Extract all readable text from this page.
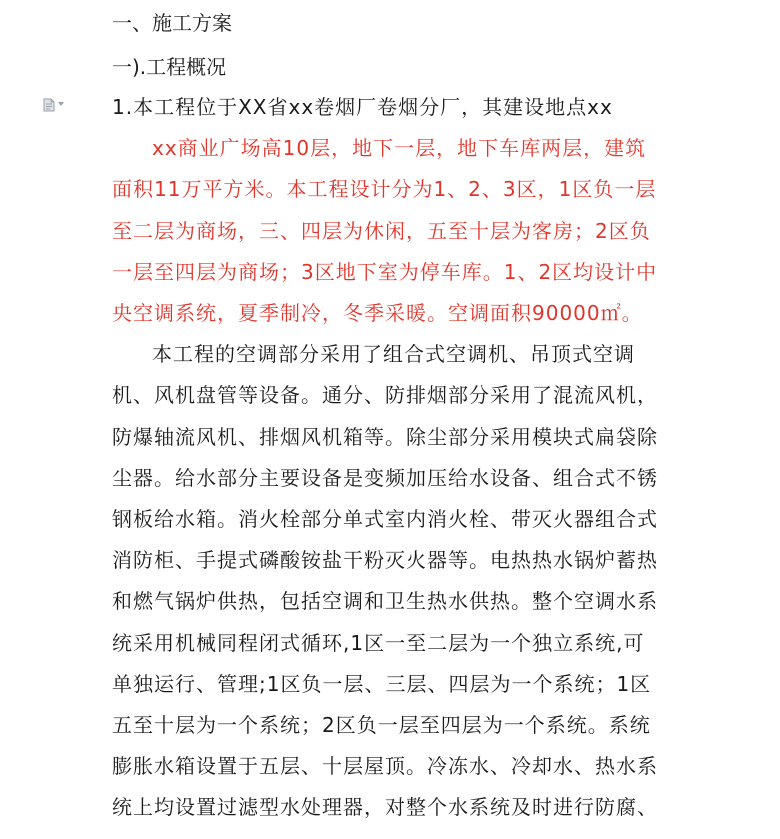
一、施工方案
一).工程概况
1.本工程位于XX省xx卷烟厂卷烟分厂，其建设地点xx
xx商业广场高10层，地下一层，地下车库两层，建筑
面积11万平方米。本工程设计分为1、2、3区，1区负一层
至二层为商场，三、四层为休闲，五至十层为客房；2区负
一层至四层为商场；3区地下室为停车库。1、2区均设计中
央空调系统，夏季制冷，冬季采暖。空调面积90000㎡。
本工程的空调部分采用了组合式空调机、吊顶式空调
机、风机盘管等设备。通分、防排烟部分采用了混流风机，
防爆轴流风机、排烟风机箱等。除尘部分采用模块式扁袋除
尘器。给水部分主要设备是变频加压给水设备、组合式不锈
钢板给水箱。消火栓部分单式室内消火栓、带灭火器组合式
消防柜、手提式磷酸铵盐干粉灭火器等。电热热水锅炉蓄热
和燃气锅炉供热，包括空调和卫生热水供热。整个空调水系
统采用机械同程闭式循环,1区一至二层为一个独立系统,可
单独运行、管理;1区负一层、三层、四层为一个系统；1区
五至十层为一个系统；2区负一层至四层为一个系统。系统
膨胀水箱设置于五层、十层屋顶。冷冻水、冷却水、热水系
统上均设置过滤型水处理器，对整个水系统及时进行防腐、
